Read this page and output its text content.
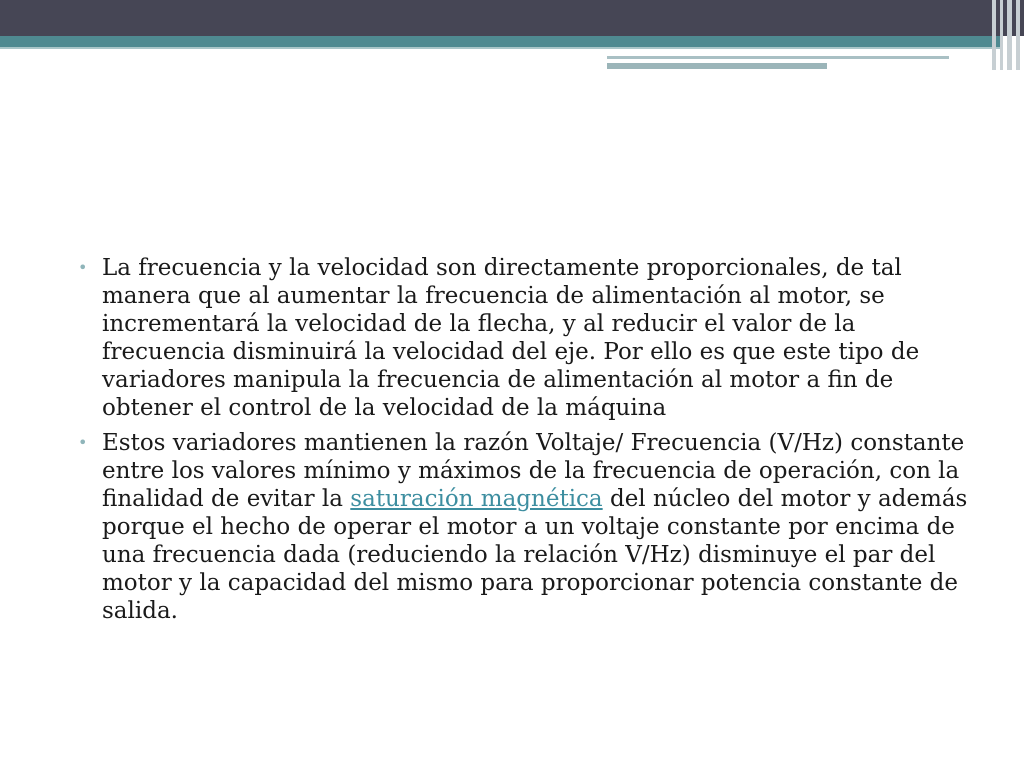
• La frecuencia y la velocidad son directamente proporcionales, de tal manera que al aumentar la frecuencia de alimentación al motor, se incrementará la velocidad de la flecha, y al reducir el valor de la frecuencia disminuirá la velocidad del eje. Por ello es que este tipo de variadores manipula la frecuencia de alimentación al motor a fin de obtener el control de la velocidad de la máquina
• Estos variadores mantienen la razón Voltaje/ Frecuencia (V/Hz) constante entre los valores mínimo y máximos de la frecuencia de operación, con la finalidad de evitar la saturación magnética del núcleo del motor y además porque el hecho de operar el motor a un voltaje constante por encima de una frecuencia dada (reduciendo la relación V/Hz) disminuye el par del motor y la capacidad del mismo para proporcionar potencia constante de salida.
